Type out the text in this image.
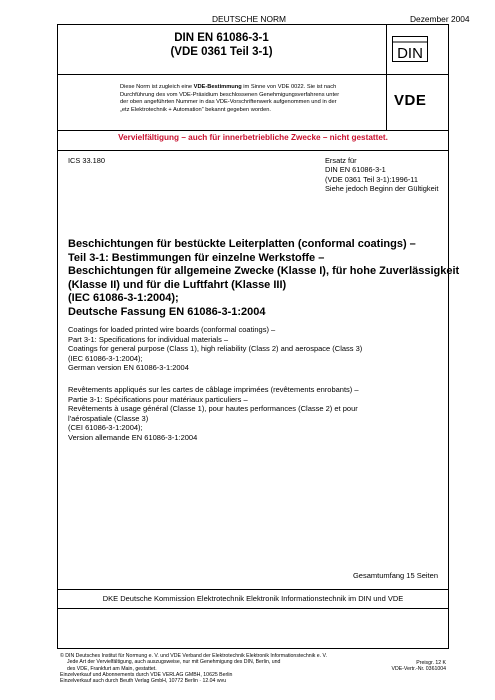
DEUTSCHE NORM	Dezember 2004
DIN EN 61086-3-1
(VDE 0361 Teil 3-1)	DIN
Diese Norm ist zugleich eine VDE-Bestimmung im Sinne von VDE 0022. Sie ist nach
Durchführung des vom VDE-Präsidium beschlossenen Genehmigungsverfahrens unter
der oben angeführten Nummer in das VDE-Vorschriftenwerk aufgenommen und in der
„etz Elektrotechnik + Automation“ bekannt gegeben worden.
VDE
Vervielfältigung – auch für innerbetriebliche Zwecke – nicht gestattet.
ICS 33.180	Ersatz für
DIN EN 61086-3-1
(VDE 0361 Teil 3-1):1996-11
Siehe jedoch Beginn der Gültigkeit
Beschichtungen für bestückte Leiterplatten (conformal coatings) –
Teil 3-1: Bestimmungen für einzelne Werkstoffe –
Beschichtungen für allgemeine Zwecke (Klasse I), für hohe Zuverlässigkeit
(Klasse II) und für die Luftfahrt (Klasse III)
(IEC 61086-3-1:2004);
Deutsche Fassung EN 61086-3-1:2004
Coatings for loaded printed wire boards (conformal coatings) –
Part 3-1: Specifications for individual materials –
Coatings for general purpose (Class 1), high reliability (Class 2) and aerospace (Class 3)
(IEC 61086-3-1:2004);
German version EN 61086-3-1:2004
Revêtements appliqués sur les cartes de câblage imprimées (revêtements enrobants) –
Partie 3-1: Spécifications pour matériaux particuliers –
Revêtements à usage général (Classe 1), pour hautes performances (Classe 2) et pour
l'aérospatiale (Classe 3)
(CEI 61086-3-1:2004);
Version allemande EN 61086-3-1:2004
Gesamtumfang 15 Seiten
DKE Deutsche Kommission Elektrotechnik Elektronik Informationstechnik im DIN und VDE
© DIN Deutsches Institut für Normung e. V. und VDE Verband der Elektrotechnik Elektronik Informationstechnik e. V.
Jede Art der Vervielfältigung, auch auszugsweise, nur mit Genehmigung des DIN, Berlin, und
des VDE, Frankfurt am Main, gestattet.
Einzelverkauf und Abonnements durch VDE VERLAG GMBH, 10625 Berlin
Einzelverkauf auch durch Beuth Verlag GmbH, 10772 Berlin · 12.04 wvu
Preisgr. 12 K
VDE-Vertr.-Nr. 0361004
